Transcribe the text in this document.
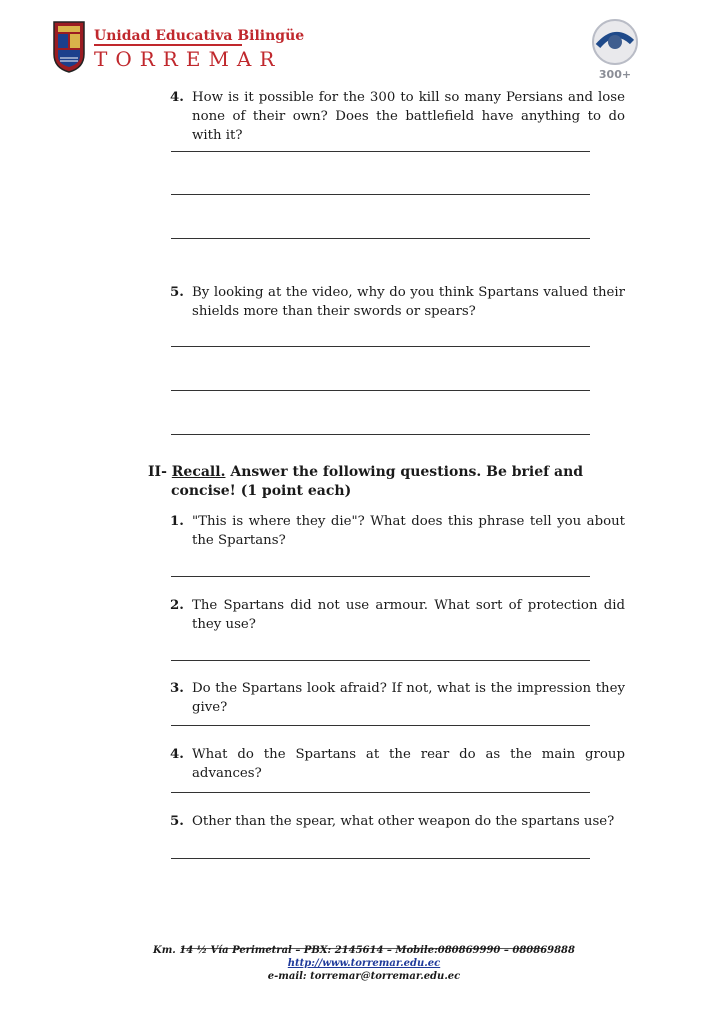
Unidad Educativa Bilingüe
TORREMAR
300+
4. How is it possible for the 300 to kill so many Persians and lose none of their own? Does the battlefield have anything to do with it?
5. By looking at the video, why do you think Spartans valued their shields more than their swords or spears?
II- Recall. Answer the following questions. Be brief and concise! (1 point each)
1. "This is where they die"? What does this phrase tell you about the Spartans?
2. The Spartans did not use armour. What sort of protection did they use?
3. Do the Spartans look afraid? If not, what is the impression they give?
4. What do the Spartans at the rear do as the main group advances?
5. Other than the spear, what other weapon do the spartans use?
Km. 14 ½ Vía Perimetral – PBX: 2145614 – Mobile:080869990 – 080869888
http://www.torremar.edu.ec
e-mail: torremar@torremar.edu.ec
